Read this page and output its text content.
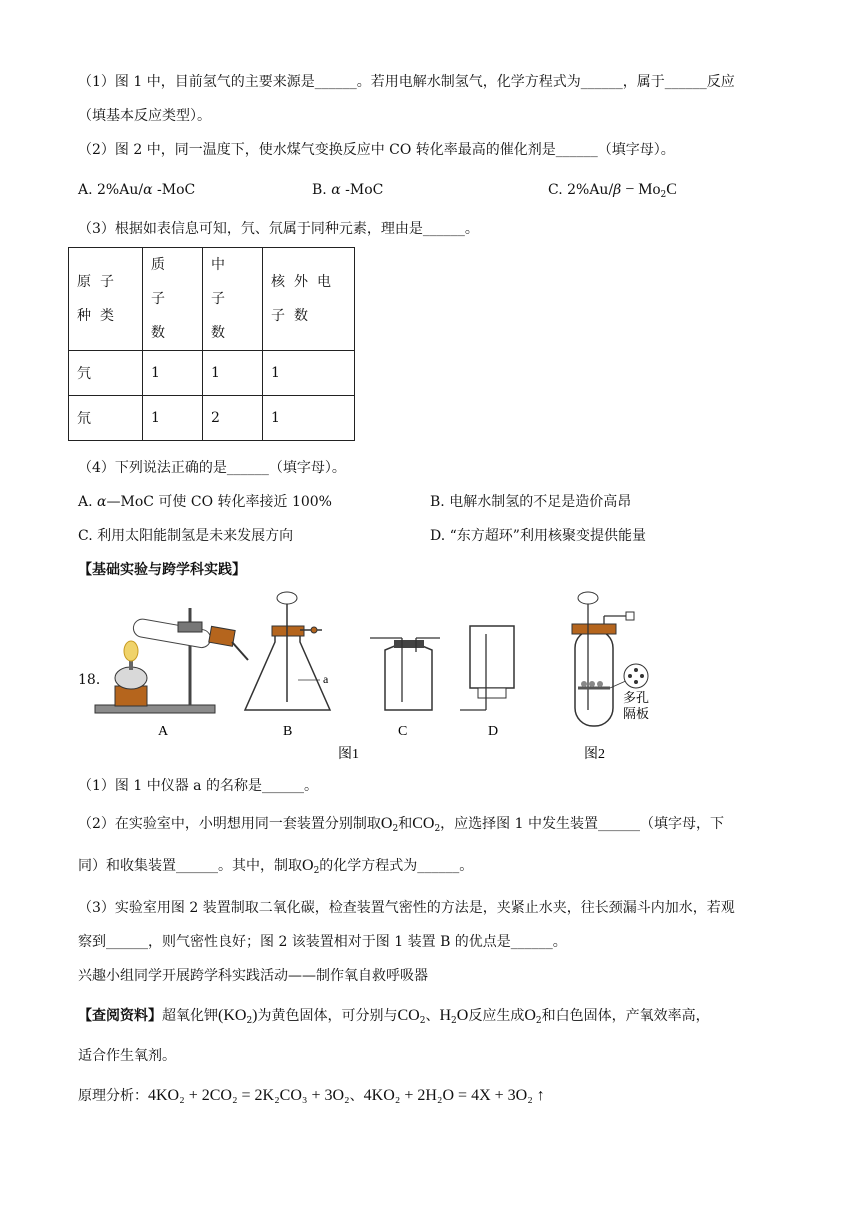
（1）图 1 中，目前氢气的主要来源是______。若用电解水制氢气，化学方程式为______，属于______反应
（填基本反应类型）。
（2）图 2 中，同一温度下，使水煤气变换反应中 CO 转化率最高的催化剂是______（填字母）。
A. 2%Au/α -MoC	B. α -MoC	C. $2\%Au/\beta - Mo_2C$
（3）根据如表信息可知，氕、氘属于同种元素，理由是______。
原子种类	质子数	中子数	核外电子数

氕	1	1	1
氘	1	2	1
（4）下列说法正确的是______（填字母）。
A. α—MoC 可使 CO 转化率接近 100%	B. 电解水制氢的不足是造价高昂
C. 利用太阳能制氢是未来发展方向	D. “东方超环”利用核聚变提供能量
【基础实验与跨学科实践】
18．
A
a
B	C	D
图1
多孔
隔板
图2
（1）图 1 中仪器 a 的名称是______。
（2）在实验室中，小明想用同一套装置分别制取$O_2$和$CO_2$，应选择图 1 中发生装置______（填字母，下
同）和收集装置______。其中，制取$O_2$的化学方程式为______。
（3）实验室用图 2 装置制取二氧化碳，检查装置气密性的方法是，夹紧止水夹，往长颈漏斗内加水，若观
察到______，则气密性良好；图 2 该装置相对于图 1 装置 B 的优点是______。
兴趣小组同学开展跨学科实践活动——制作氧自救呼吸器
【查阅资料】超氧化钾$(KO_2)$为黄色固体，可分别与$CO_2$、$H_2O$反应生成$O_2$和白色固体，产氧效率高，
适合作生氧剂。
原理分析：4KO₂ + 2CO₂ = 2K₂CO₃ + 3O₂、4KO₂ + 2H₂O = 4X + 3O₂ ↑
